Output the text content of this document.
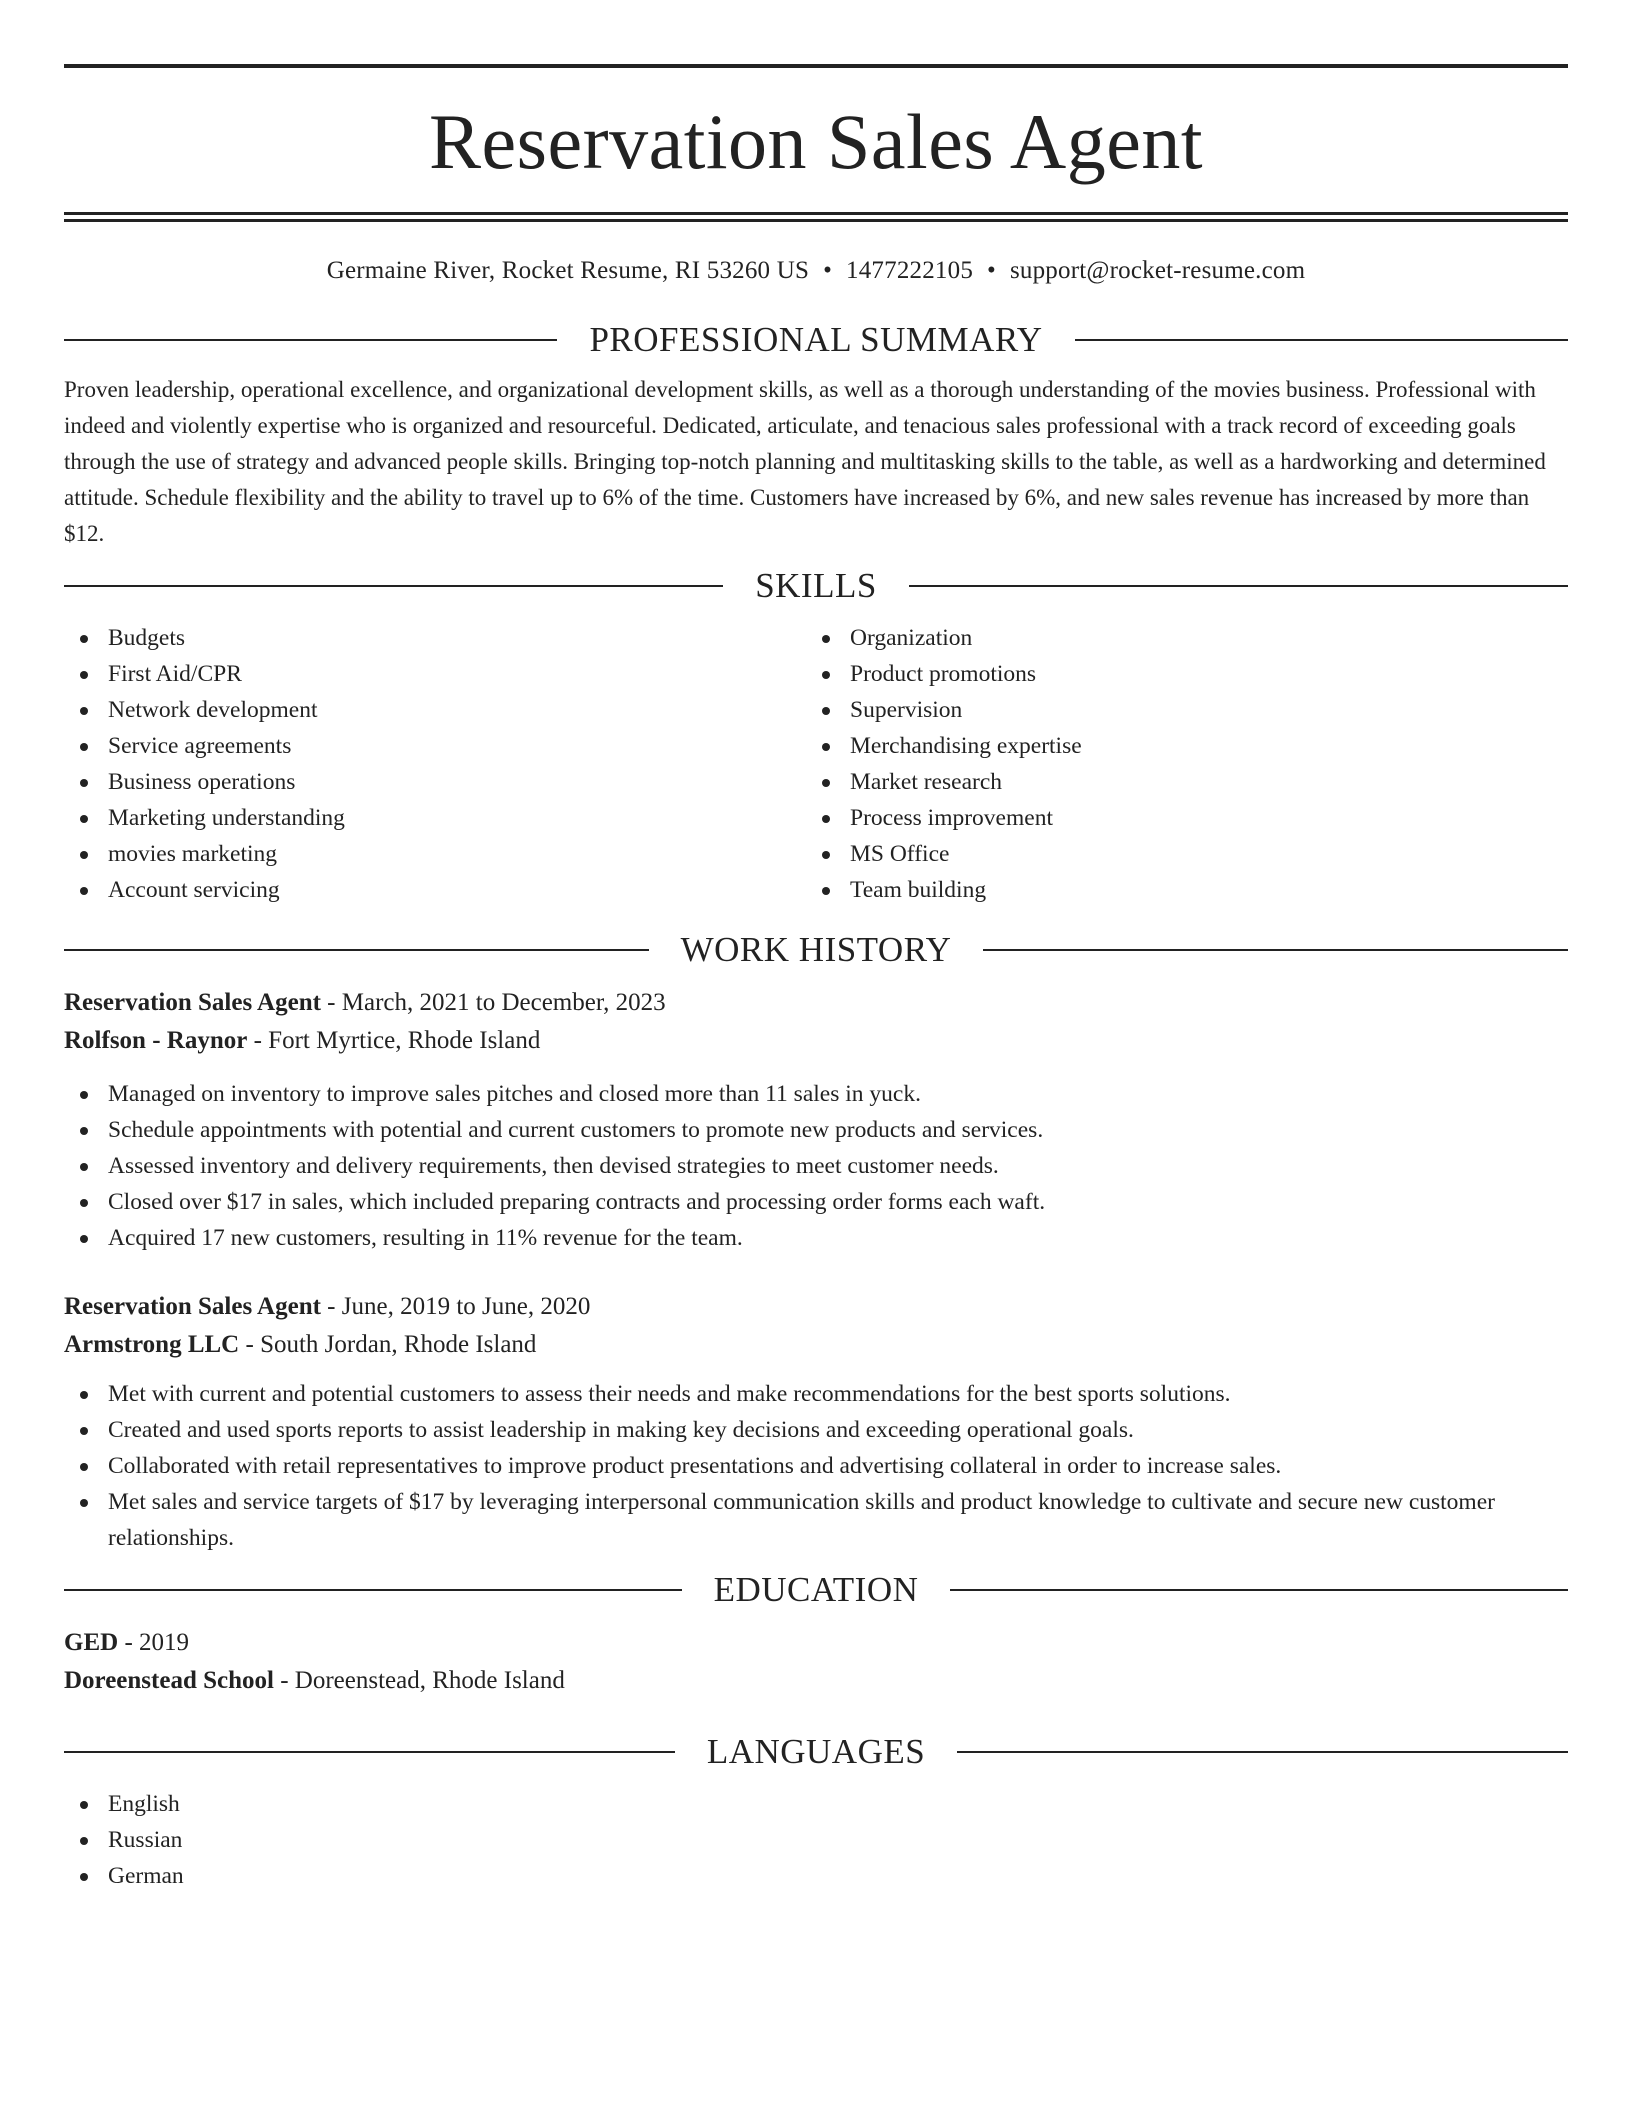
Reservation Sales Agent
Germaine River, Rocket Resume, RI 53260 US • 1477222105 • support@rocket-resume.com
PROFESSIONAL SUMMARY
Proven leadership, operational excellence, and organizational development skills, as well as a thorough understanding of the movies business. Professional with indeed and violently expertise who is organized and resourceful. Dedicated, articulate, and tenacious sales professional with a track record of exceeding goals through the use of strategy and advanced people skills. Bringing top-notch planning and multitasking skills to the table, as well as a hardworking and determined attitude. Schedule flexibility and the ability to travel up to 6% of the time. Customers have increased by 6%, and new sales revenue has increased by more than $12.
SKILLS
Budgets
First Aid/CPR
Network development
Service agreements
Business operations
Marketing understanding
movies marketing
Account servicing
Organization
Product promotions
Supervision
Merchandising expertise
Market research
Process improvement
MS Office
Team building
WORK HISTORY
Reservation Sales Agent - March, 2021 to December, 2023
Rolfson - Raynor - Fort Myrtice, Rhode Island
Managed on inventory to improve sales pitches and closed more than 11 sales in yuck.
Schedule appointments with potential and current customers to promote new products and services.
Assessed inventory and delivery requirements, then devised strategies to meet customer needs.
Closed over $17 in sales, which included preparing contracts and processing order forms each waft.
Acquired 17 new customers, resulting in 11% revenue for the team.
Reservation Sales Agent - June, 2019 to June, 2020
Armstrong LLC - South Jordan, Rhode Island
Met with current and potential customers to assess their needs and make recommendations for the best sports solutions.
Created and used sports reports to assist leadership in making key decisions and exceeding operational goals.
Collaborated with retail representatives to improve product presentations and advertising collateral in order to increase sales.
Met sales and service targets of $17 by leveraging interpersonal communication skills and product knowledge to cultivate and secure new customer relationships.
EDUCATION
GED - 2019
Doreenstead School - Doreenstead, Rhode Island
LANGUAGES
English
Russian
German
